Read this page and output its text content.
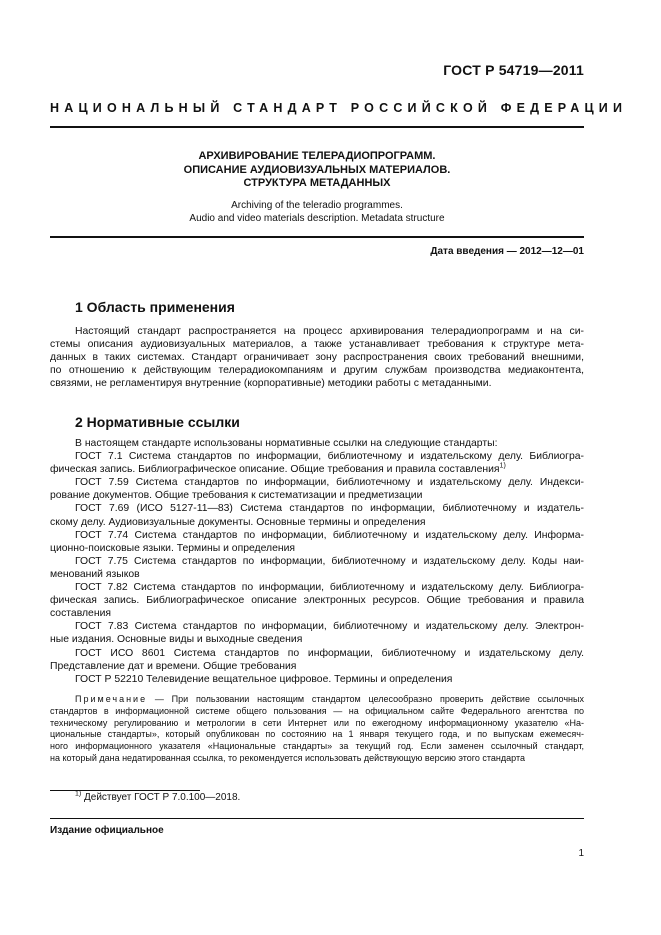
ГОСТ Р 54719—2011
НАЦИОНАЛЬНЫЙ СТАНДАРТ РОССИЙСКОЙ ФЕДЕРАЦИИ
АРХИВИРОВАНИЕ ТЕЛЕРАДИОПРОГРАММ.
ОПИСАНИЕ АУДИОВИЗУАЛЬНЫХ МАТЕРИАЛОВ.
СТРУКТУРА МЕТАДАННЫХ
Archiving of the teleradio programmes.
Audio and video materials description. Metadata structure
Дата введения — 2012—12—01
1 Область применения
Настоящий стандарт распространяется на процесс архивирования телерадиопрограмм и на си-
стемы описания аудиовизуальных материалов, а также устанавливает требования к структуре мета-
данных в таких системах. Стандарт ограничивает зону распространения своих требований внешними,
по отношению к действующим телерадиокомпаниям и другим службам производства медиаконтента,
связями, не регламентируя внутренние (корпоративные) методики работы с метаданными.
2 Нормативные ссылки
В настоящем стандарте использованы нормативные ссылки на следующие стандарты:
ГОСТ 7.1 Система стандартов по информации, библиотечному и издательскому делу. Библиогра-
фическая запись. Библиографическое описание. Общие требования и правила составления$^{1)}$
ГОСТ 7.59 Система стандартов по информации, библиотечному и издательскому делу. Индекси-
рование документов. Общие требования к систематизации и предметизации
ГОСТ 7.69 (ИСО 5127-11—83) Система стандартов по информации, библиотечному и издатель-
скому делу. Аудиовизуальные документы. Основные термины и определения
ГОСТ 7.74 Система стандартов по информации, библиотечному и издательскому делу. Информа-
ционно-поисковые языки. Термины и определения
ГОСТ 7.75 Система стандартов по информации, библиотечному и издательскому делу. Коды наи-
менований языков
ГОСТ 7.82 Система стандартов по информации, библиотечному и издательскому делу. Библиогра-
фическая запись. Библиографическое описание электронных ресурсов. Общие требования и правила
составления
ГОСТ 7.83 Система стандартов по информации, библиотечному и издательскому делу. Электрон-
ные издания. Основные виды и выходные сведения
ГОСТ ИСО 8601 Система стандартов по информации, библиотечному и издательскому делу.
Представление дат и времени. Общие требования
ГОСТ Р 52210 Телевидение вещательное цифровое. Термины и определения
Примечание — При пользовании настоящим стандартом целесообразно проверить действие ссылочных
стандартов в информационной системе общего пользования — на официальном сайте Федерального агентства по
техническому регулированию и метрологии в сети Интернет или по ежегодному информационному указателю «На-
циональные стандарты», который опубликован по состоянию на 1 января текущего года, и по выпускам ежемесяч-
ного информационного указателя «Национальные стандарты» за текущий год. Если заменен ссылочный стандарт,
на который дана недатированная ссылка, то рекомендуется использовать действующую версию этого стандарта
$^{1)}$ Действует ГОСТ Р 7.0.100—2018.
Издание официальное
1
